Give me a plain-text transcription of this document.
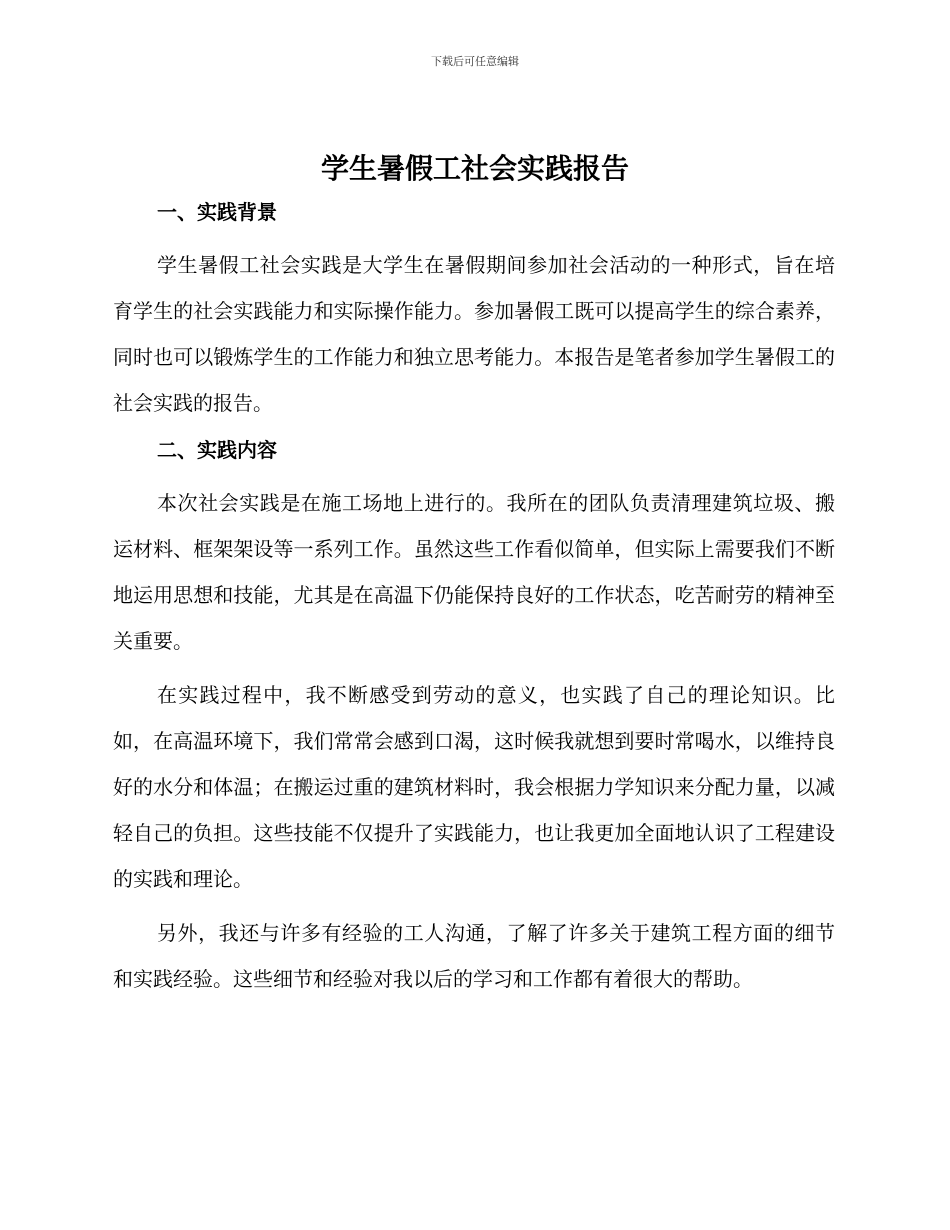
下载后可任意编辑
学生暑假工社会实践报告
一、实践背景

学生暑假工社会实践是大学生在暑假期间参加社会活动的一种形式，旨在培育学生的社会实践能力和实际操作能力。参加暑假工既可以提高学生的综合素养，同时也可以锻炼学生的工作能力和独立思考能力。本报告是笔者参加学生暑假工的社会实践的报告。

二、实践内容

本次社会实践是在施工场地上进行的。我所在的团队负责清理建筑垃圾、搬运材料、框架架设等一系列工作。虽然这些工作看似简单，但实际上需要我们不断地运用思想和技能，尤其是在高温下仍能保持良好的工作状态，吃苦耐劳的精神至关重要。

在实践过程中，我不断感受到劳动的意义，也实践了自己的理论知识。比如，在高温环境下，我们常常会感到口渴，这时候我就想到要时常喝水，以维持良好的水分和体温；在搬运过重的建筑材料时，我会根据力学知识来分配力量，以减轻自己的负担。这些技能不仅提升了实践能力，也让我更加全面地认识了工程建设的实践和理论。

另外，我还与许多有经验的工人沟通，了解了许多关于建筑工程方面的细节和实践经验。这些细节和经验对我以后的学习和工作都有着很大的帮助。
